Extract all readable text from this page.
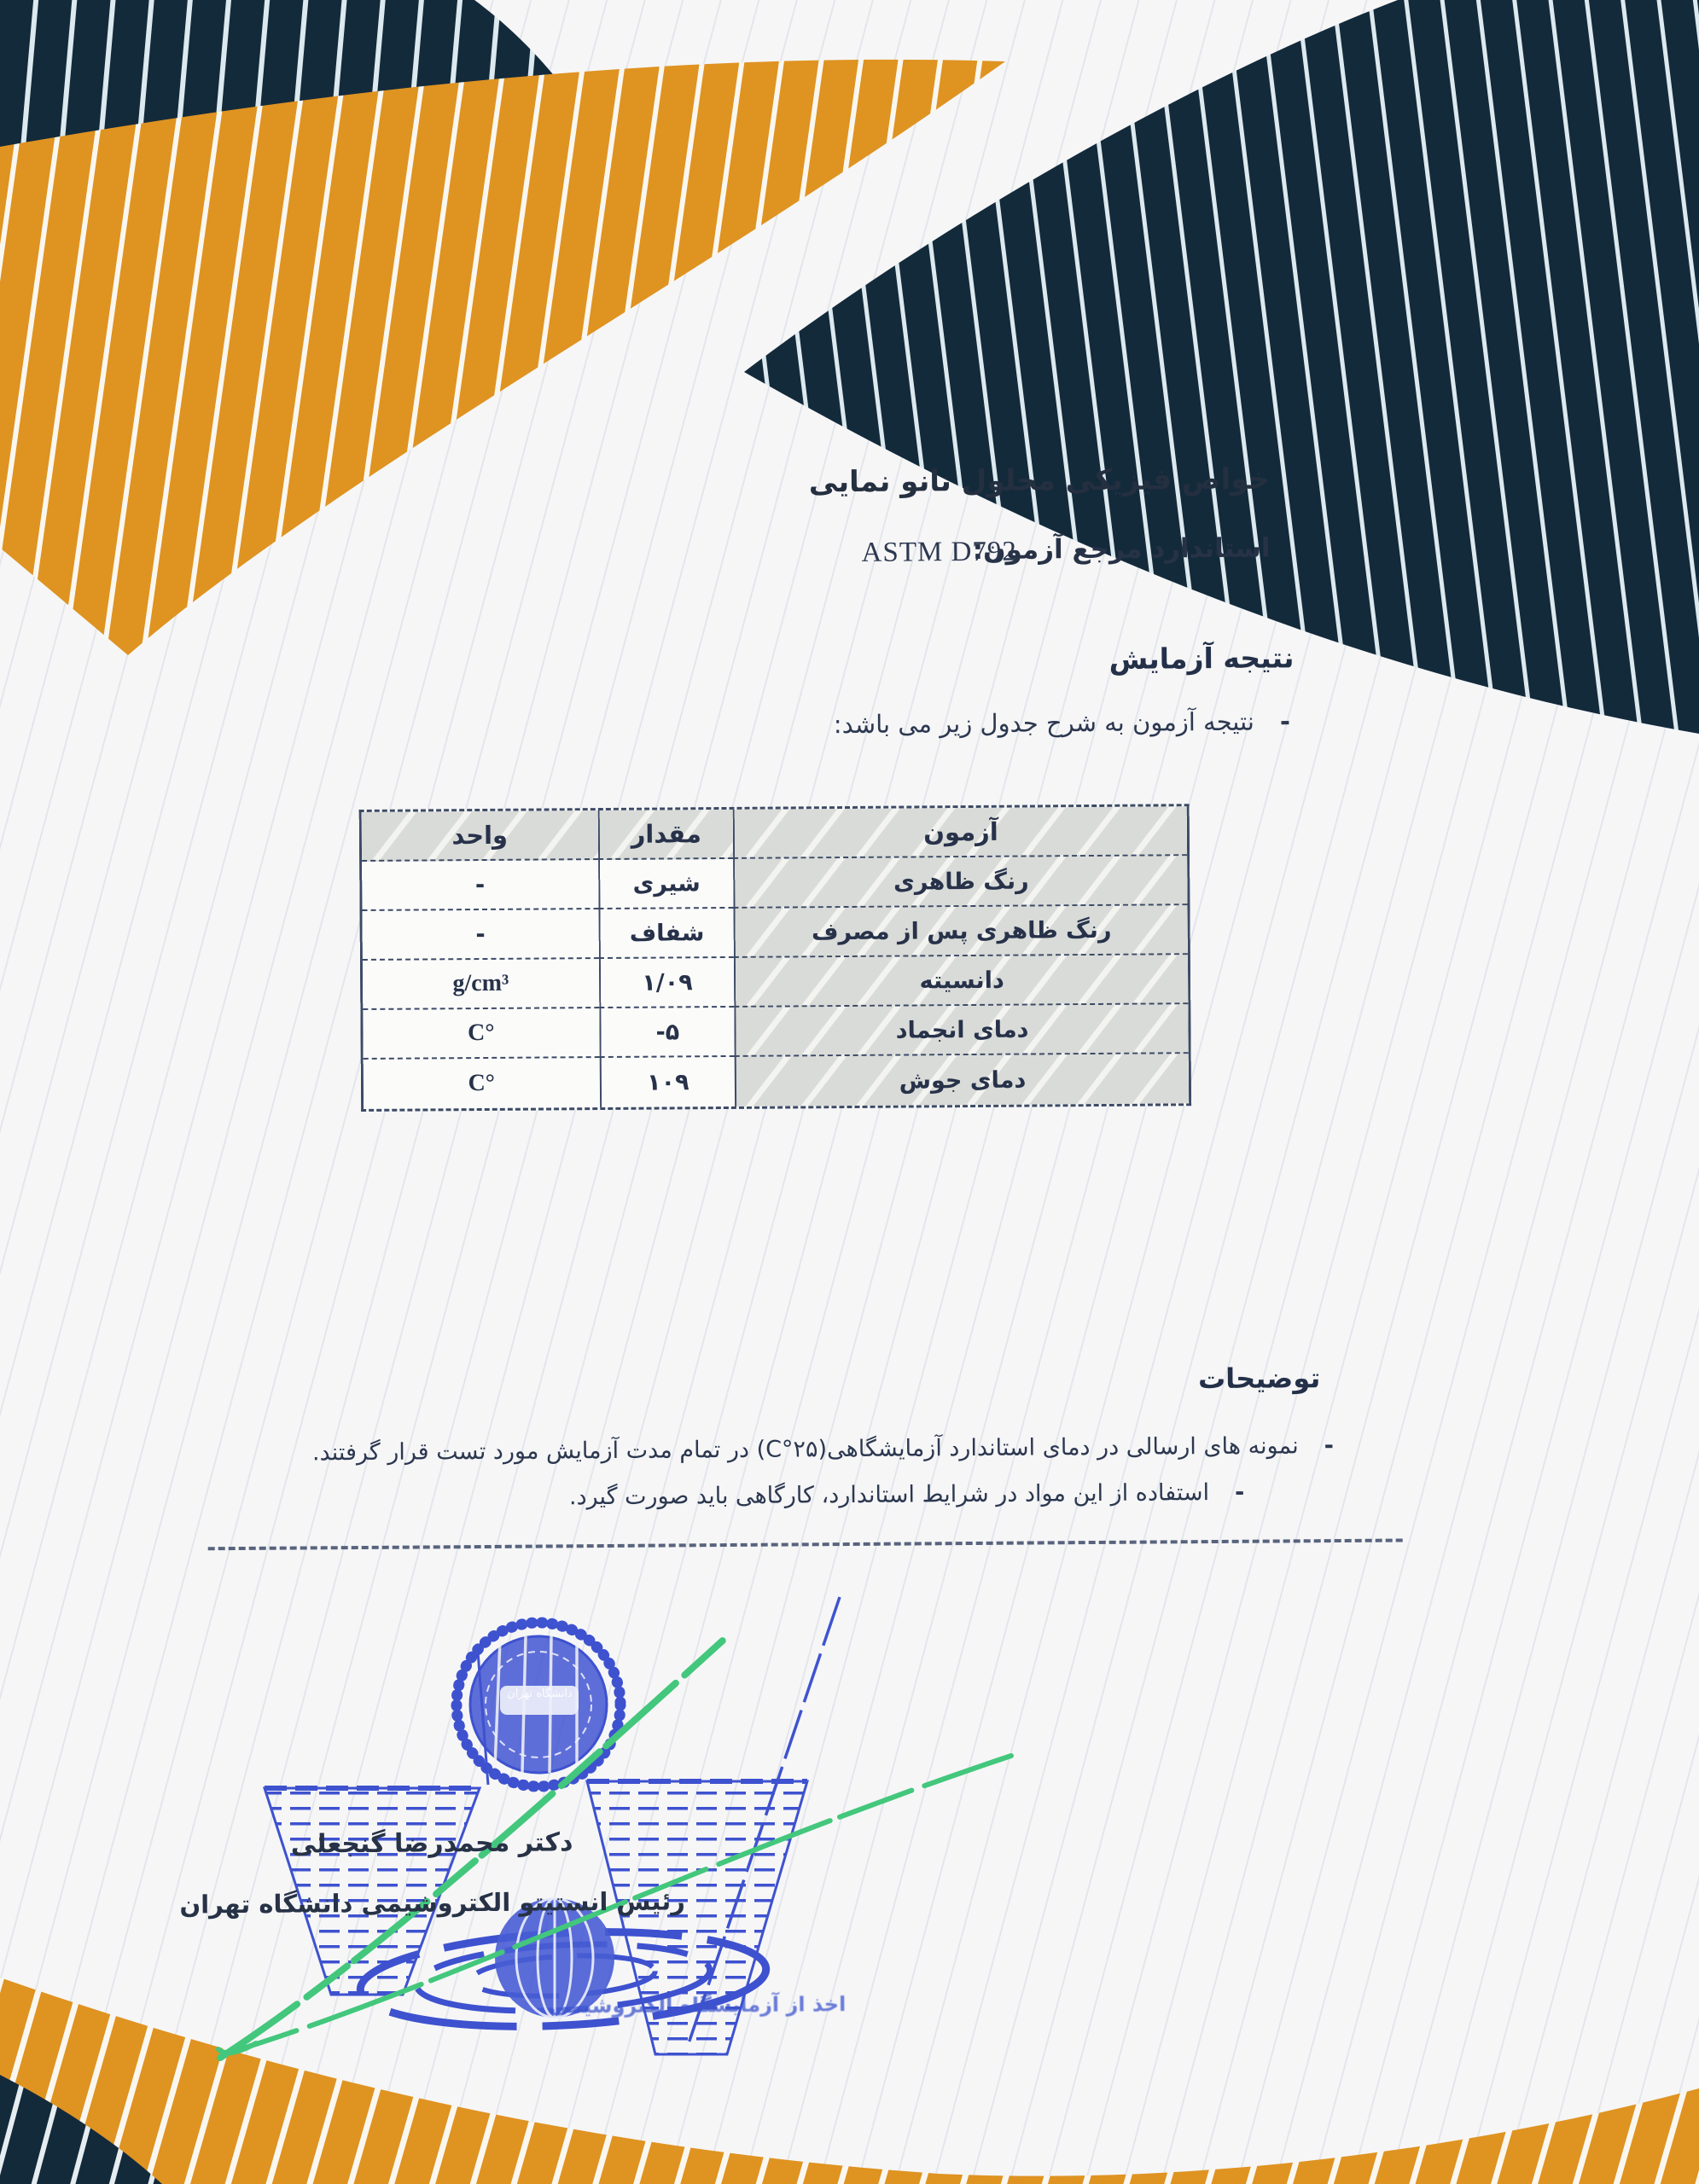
دانشگاه تهران
خواص فیزیکی محلول نانو نمایی
استاندارد مرجع آزمون:
ASTM D792
نتیجه آزمایش
-
نتیجه آزمون به شرح جدول زیر می باشد:
آزمون
مقدار
واحد
رنگ ظاهری
شیری
-
رنگ ظاهری پس از مصرف
شفاف
-
دانسیته
۱/۰۹
g/cm³
دمای انجماد
۵-
°C
دمای جوش
۱۰۹
°C
توضیحات
-
نمونه های ارسالی در دمای استاندارد آزمایشگاهی(۲۵°C) در تمام مدت آزمایش مورد تست قرار گرفتند.
-
استفاده از این مواد در شرایط استاندارد، کارگاهی باید صورت گیرد.
دکتر محمدرضا گنجعلی
رئیس انستیتو الکتروشیمی دانشگاه تهران
اخذ از آزمایشگاه الکتروشیمی
